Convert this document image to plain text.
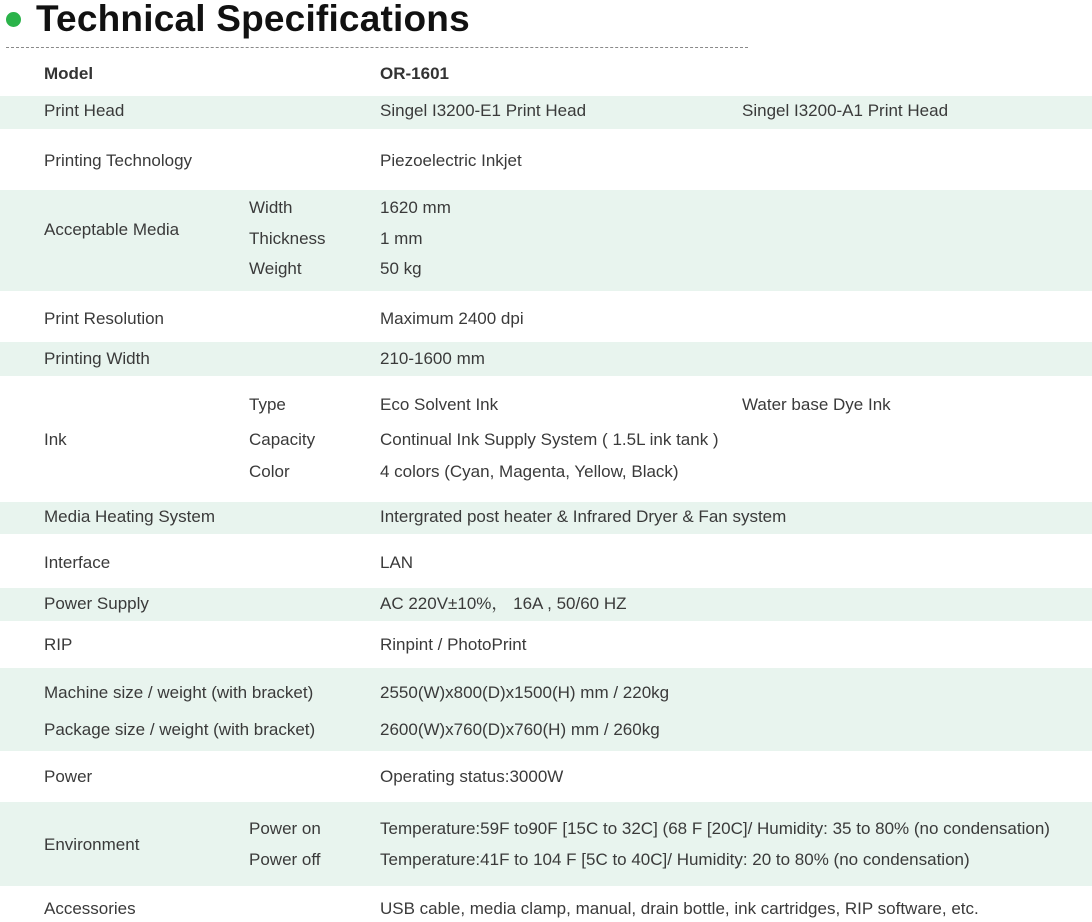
Technical Specifications
Model	OR-1601
Print Head	Singel I3200-E1 Print Head	Singel I3200-A1 Print Head
Printing Technology	Piezoelectric Inkjet
Acceptable Media
Width	1620 mm
Thickness	1 mm
Weight	50 kg
Print Resolution	Maximum 2400 dpi
Printing Width	210-1600 mm
Ink
Type	Eco Solvent Ink	Water base Dye Ink
Capacity	Continual Ink Supply System ( 1.5L ink tank )
Color	4 colors (Cyan, Magenta, Yellow, Black)
Media Heating System	Intergrated post heater & Infrared Dryer & Fan system
Interface	LAN
Power Supply	AC 220V±10%， 16A , 50/60 HZ
RIP	Rinpint / PhotoPrint
Machine size / weight (with bracket)	2550(W)x800(D)x1500(H) mm / 220kg
Package size / weight (with bracket)	2600(W)x760(D)x760(H) mm / 260kg
Power	Operating status:3000W
Environment
Power on	Temperature:59F to90F [15C to 32C] (68 F [20C]/ Humidity: 35 to 80% (no condensation)
Power off	Temperature:41F to 104 F [5C to 40C]/ Humidity: 20 to 80% (no condensation)
Accessories	USB cable, media clamp, manual, drain bottle, ink cartridges, RIP software, etc.
